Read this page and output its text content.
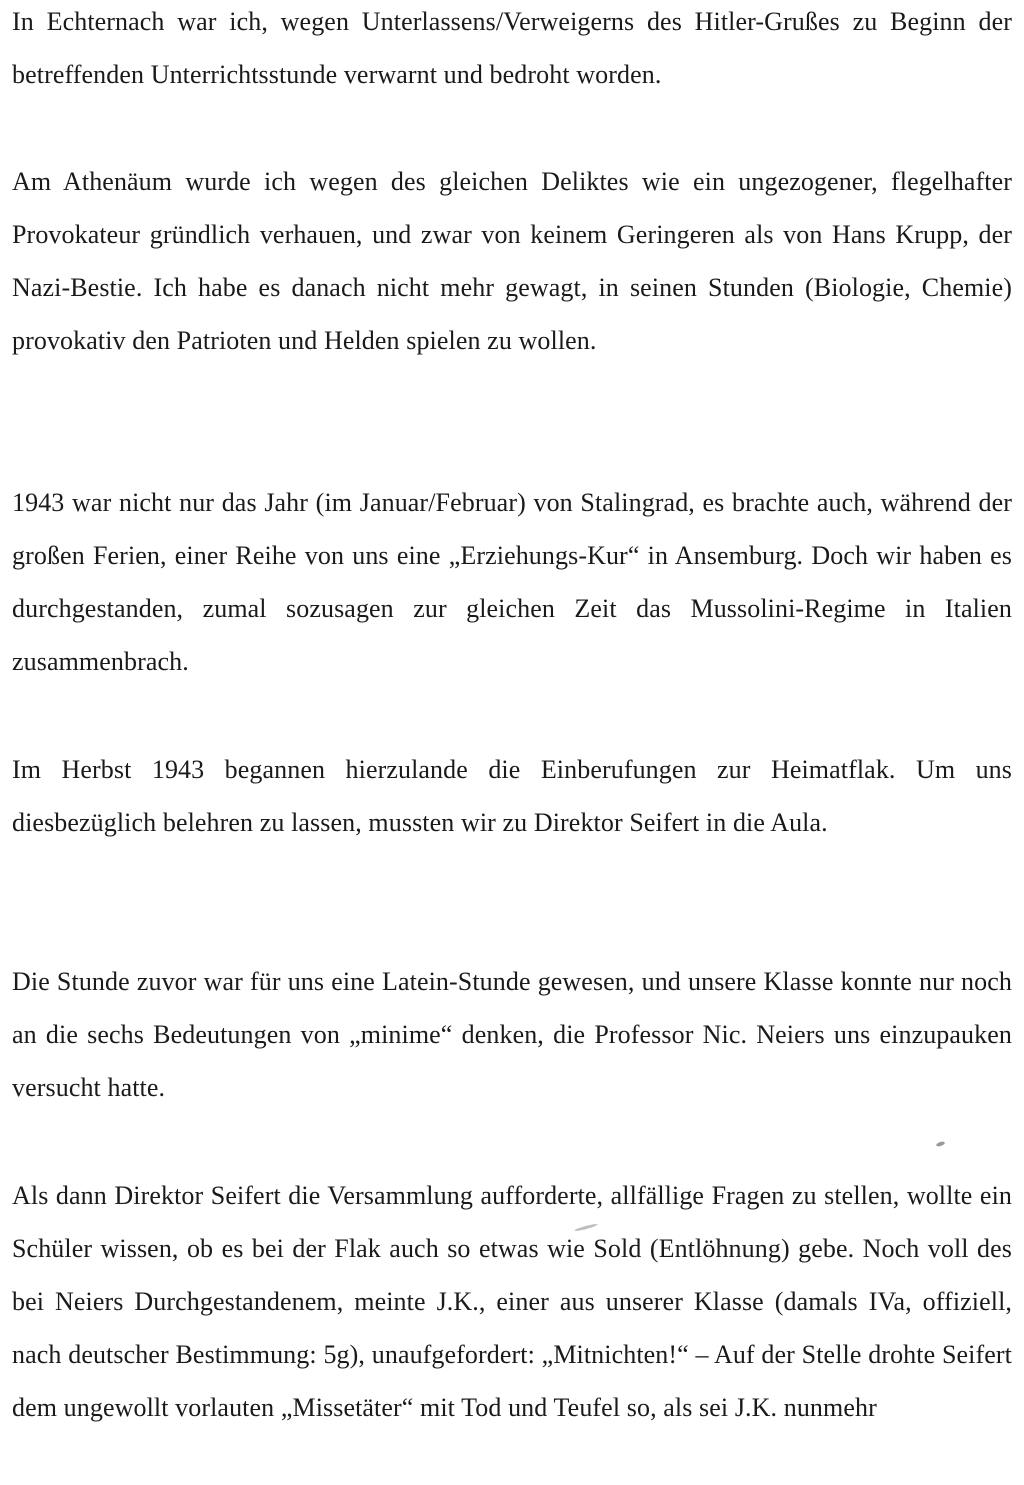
In Echternach war ich, wegen Unterlassens/Verweigerns des Hitler-Grußes zu Beginn der betreffenden Unterrichtsstunde verwarnt und bedroht worden.

Am Athenäum wurde ich wegen des gleichen Deliktes wie ein ungezogener, flegelhafter Provokateur gründlich verhauen, und zwar von keinem Geringeren als von Hans Krupp, der Nazi-Bestie. Ich habe es danach nicht mehr gewagt, in seinen Stunden (Biologie, Chemie) provokativ den Patrioten und Helden spielen zu wollen.

1943 war nicht nur das Jahr (im Januar/Februar) von Stalingrad, es brachte auch, während der großen Ferien, einer Reihe von uns eine „Erziehungs-Kur“ in Ansemburg. Doch wir haben es durchgestanden, zumal sozusagen zur gleichen Zeit das Mussolini-Regime in Italien zusammenbrach.

Im Herbst 1943 begannen hierzulande die Einberufungen zur Heimatflak. Um uns diesbezüglich belehren zu lassen, mussten wir zu Direktor Seifert in die Aula.

Die Stunde zuvor war für uns eine Latein-Stunde gewesen, und unsere Klasse konnte nur noch an die sechs Bedeutungen von „minime“ denken, die Professor Nic. Neiers uns einzupauken versucht hatte.

Als dann Direktor Seifert die Versammlung aufforderte, allfällige Fragen zu stellen, wollte ein Schüler wissen, ob es bei der Flak auch so etwas wie Sold (Entlöhnung) gebe. Noch voll des bei Neiers Durchgestandenem, meinte J.K., einer aus unserer Klasse (damals IVa, offiziell, nach deutscher Bestimmung: 5g), unaufgefordert: „Mitnichten!“ – Auf der Stelle drohte Seifert dem ungewollt vorlauten „Missetäter“ mit Tod und Teufel so, als sei J.K. nunmehr
